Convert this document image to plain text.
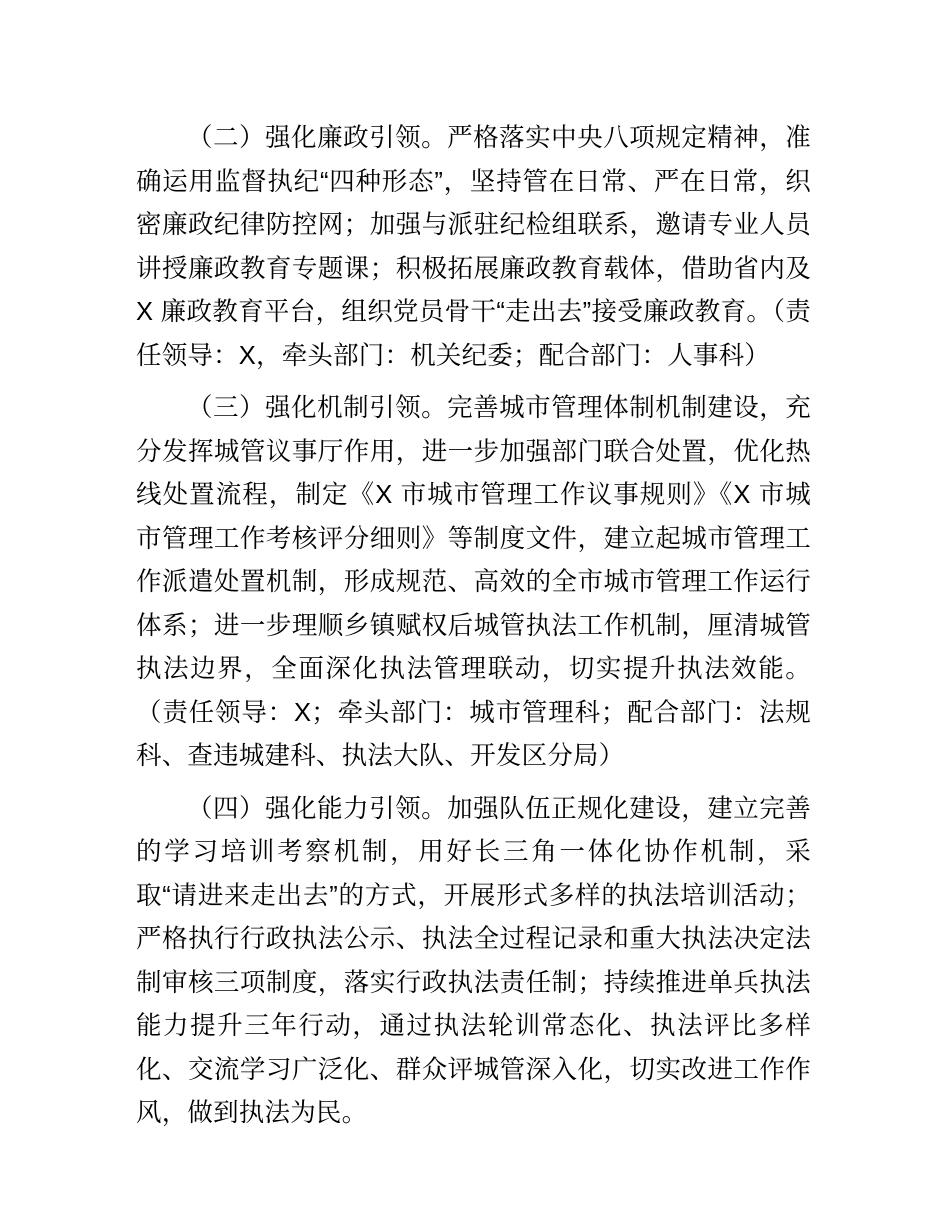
（二）强化廉政引领。严格落实中央八项规定精神，准确运用监督执纪“四种形态”，坚持管在日常、严在日常，织密廉政纪律防控网；加强与派驻纪检组联系，邀请专业人员讲授廉政教育专题课；积极拓展廉政教育载体，借助省内及 X 廉政教育平台，组织党员骨干“走出去”接受廉政教育。（责任领导：X，牵头部门：机关纪委；配合部门：人事科）

（三）强化机制引领。完善城市管理体制机制建设，充分发挥城管议事厅作用，进一步加强部门联合处置，优化热线处置流程，制定《X 市城市管理工作议事规则》《X 市城市管理工作考核评分细则》等制度文件，建立起城市管理工作派遣处置机制，形成规范、高效的全市城市管理工作运行体系；进一步理顺乡镇赋权后城管执法工作机制，厘清城管执法边界，全面深化执法管理联动，切实提升执法效能。（责任领导：X；牵头部门：城市管理科；配合部门：法规科、查违城建科、执法大队、开发区分局）

（四）强化能力引领。加强队伍正规化建设，建立完善的学习培训考察机制，用好长三角一体化协作机制，采取“请进来走出去”的方式，开展形式多样的执法培训活动；严格执行行政执法公示、执法全过程记录和重大执法决定法制审核三项制度，落实行政执法责任制；持续推进单兵执法能力提升三年行动，通过执法轮训常态化、执法评比多样化、交流学习广泛化、群众评城管深入化，切实改进工作作风，做到执法为民。
